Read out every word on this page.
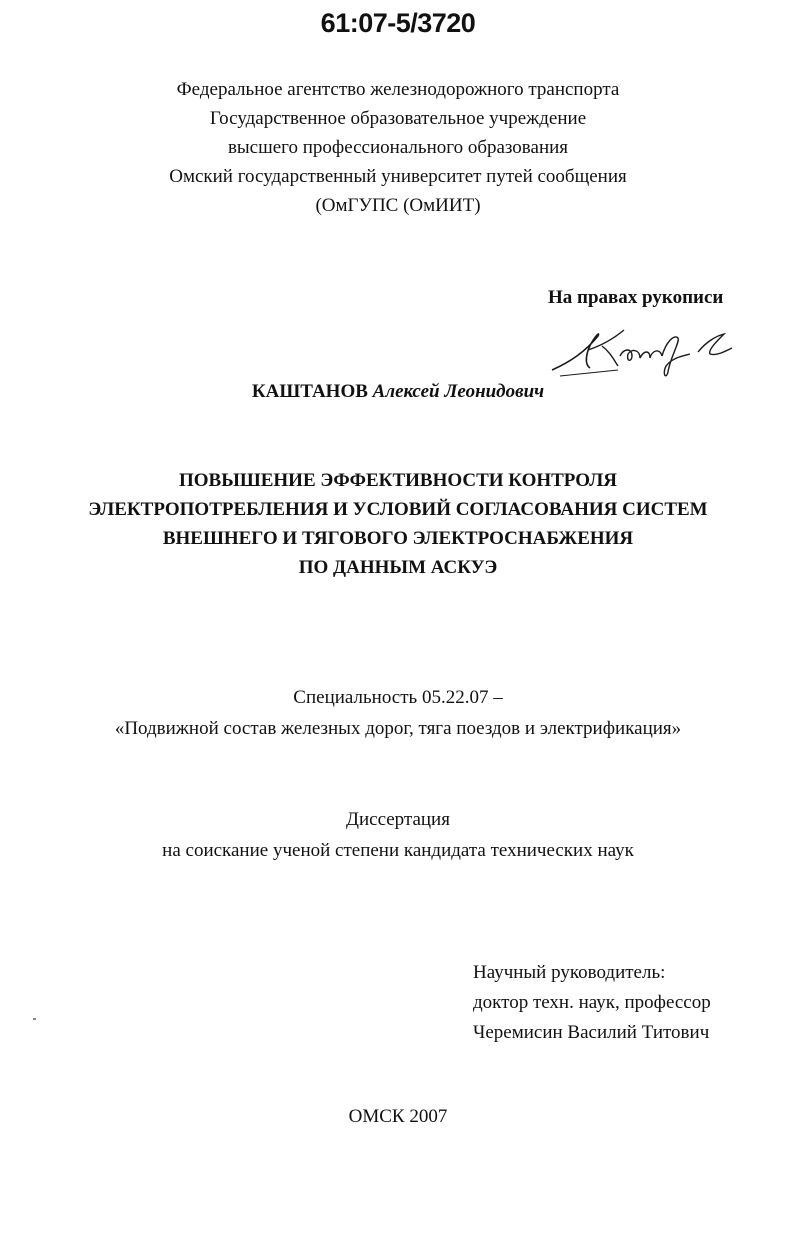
61:07-5/3720
Федеральное агентство железнодорожного транспорта
Государственное образовательное учреждение
высшего профессионального образования
Омский государственный университет путей сообщения
(ОмГУПС (ОмИИТ)
На правах рукописи
КАШТАНОВ Алексей Леонидович
ПОВЫШЕНИЕ ЭФФЕКТИВНОСТИ КОНТРОЛЯ
ЭЛЕКТРОПОТРЕБЛЕНИЯ И УСЛОВИЙ СОГЛАСОВАНИЯ СИСТЕМ
ВНЕШНЕГО И ТЯГОВОГО ЭЛЕКТРОСНАБЖЕНИЯ
ПО ДАННЫМ АСКУЭ
Специальность 05.22.07 –
«Подвижной состав железных дорог, тяга поездов и электрификация»
Диссертация
на соискание ученой степени кандидата технических наук
Научный руководитель:
доктор техн. наук, профессор
Черемисин Василий Титович
ОМСК 2007
